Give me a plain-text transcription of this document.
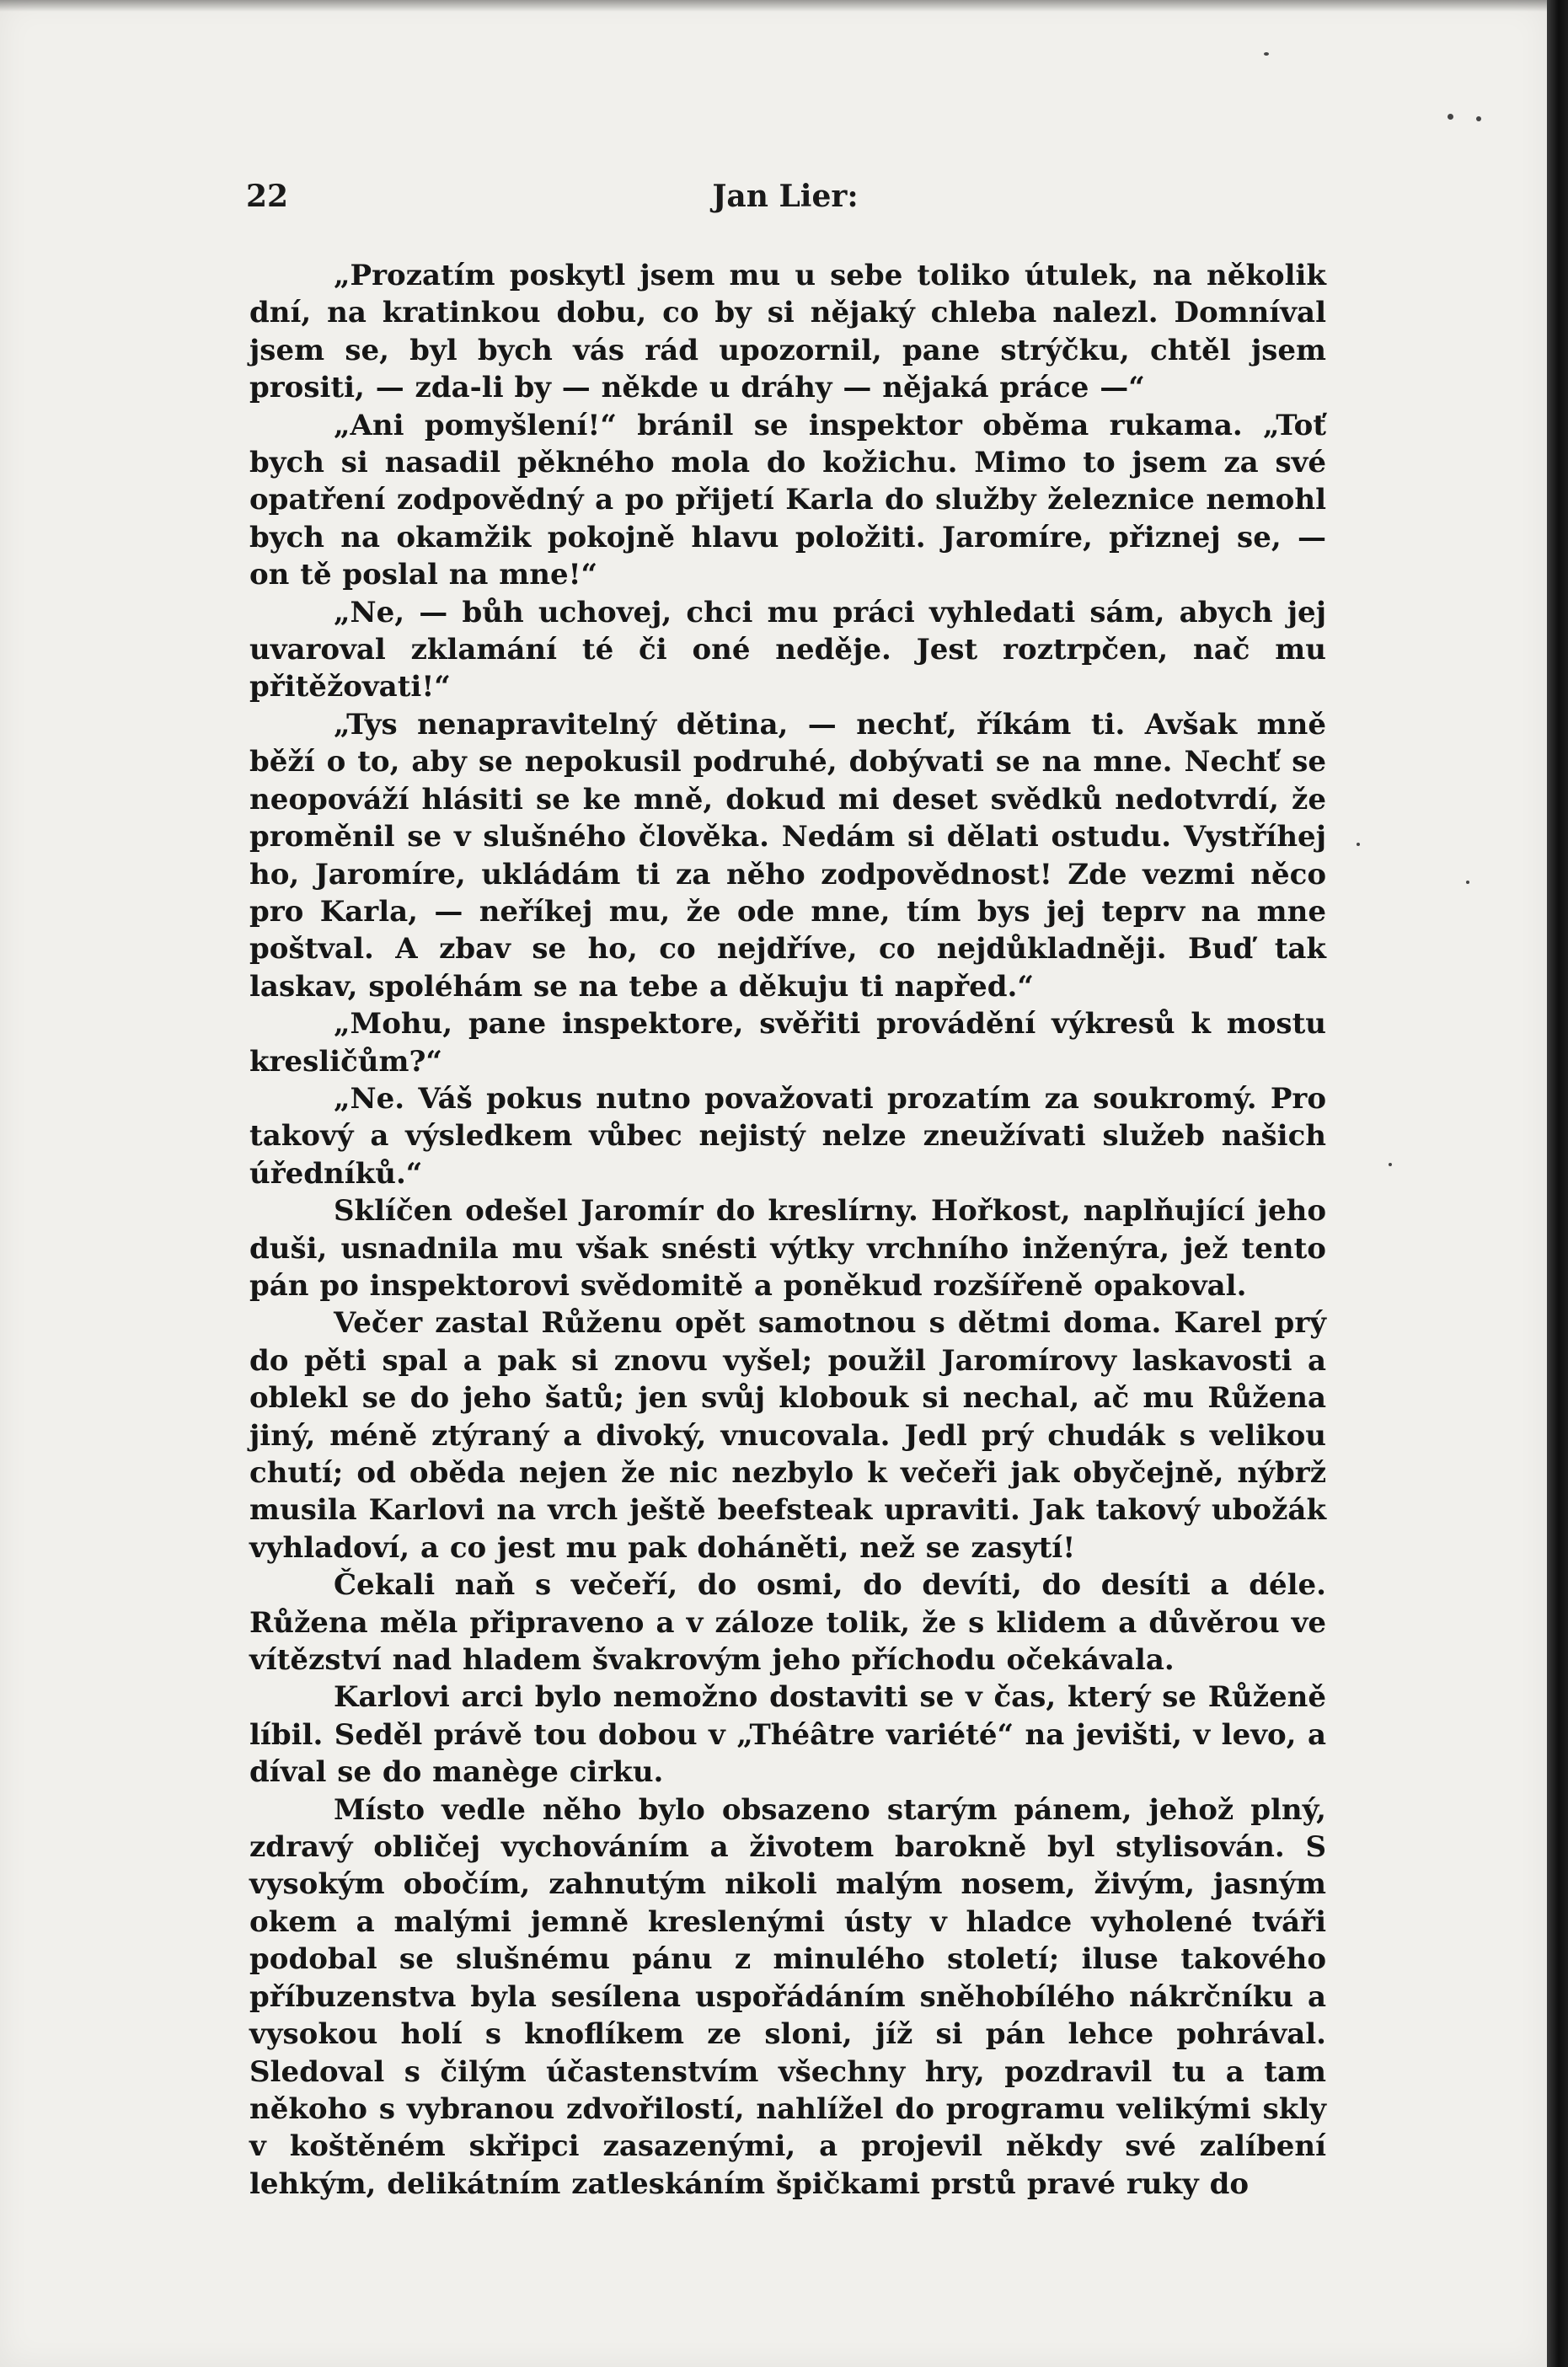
22	Jan Lier:

„Prozatím poskytl jsem mu u sebe toliko útulek, na několik dní, na kratinkou dobu, co by si nějaký chleba nalezl. Domníval jsem se, byl bych vás rád upozornil, pane strýčku, chtěl jsem prositi, — zda-li by — někde u dráhy — nějaká práce —“

„Ani pomyšlení!“ bránil se inspektor oběma rukama. „Toť bych si nasadil pěkného mola do kožichu. Mimo to jsem za své opatření zodpovědný a po přijetí Karla do služby železnice nemohl bych na okamžik pokojně hlavu položiti. Jaromíre, přiznej se, — on tě poslal na mne!“

„Ne, — bůh uchovej, chci mu práci vyhledati sám, abych jej uvaroval zklamání té či oné neděje. Jest roztrpčen, nač mu přitěžovati!“

„Tys nenapravitelný dětina, — nechť, říkám ti. Avšak mně běží o to, aby se nepokusil podruhé, dobývati se na mne. Nechť se neopováží hlásiti se ke mně, dokud mi deset svědků nedotvrdí, že proměnil se v slušného člověka. Nedám si dělati ostudu. Vystříhej ho, Jaromíre, ukládám ti za něho zodpovědnost! Zde vezmi něco pro Karla, — neříkej mu, že ode mne, tím bys jej teprv na mne poštval. A zbav se ho, co nejdříve, co nejdůkladněji. Buď tak laskav, spoléhám se na tebe a děkuju ti napřed.“

„Mohu, pane inspektore, svěřiti provádění výkresů k mostu kresličům?“

„Ne. Váš pokus nutno považovati prozatím za soukromý. Pro takový a výsledkem vůbec nejistý nelze zneužívati služeb našich úředníků.“

Sklíčen odešel Jaromír do kreslírny. Hořkost, naplňující jeho duši, usnadnila mu však snésti výtky vrchního inženýra, jež tento pán po inspektorovi svědomitě a poněkud rozšířeně opakoval.

Večer zastal Růženu opět samotnou s dětmi doma. Karel prý do pěti spal a pak si znovu vyšel; použil Jaromírovy laskavosti a oblekl se do jeho šatů; jen svůj klobouk si nechal, ač mu Růžena jiný, méně ztýraný a divoký, vnucovala. Jedl prý chudák s velikou chutí; od oběda nejen že nic nezbylo k večeři jak obyčejně, nýbrž musila Karlovi na vrch ještě beefsteak upraviti. Jak takový ubožák vyhladoví, a co jest mu pak doháněti, než se zasytí!

Čekali naň s večeří, do osmi, do devíti, do desíti a déle. Růžena měla připraveno a v záloze tolik, že s klidem a důvěrou ve vítězství nad hladem švakrovým jeho příchodu očekávala.

Karlovi arci bylo nemožno dostaviti se v čas, který se Růženě líbil. Seděl právě tou dobou v „Théâtre variété“ na jevišti, v levo, a díval se do manège cirku.

Místo vedle něho bylo obsazeno starým pánem, jehož plný, zdravý obličej vychováním a životem barokně byl stylisován. S vysokým obočím, zahnutým nikoli malým nosem, živým, jasným okem a malými jemně kreslenými ústy v hladce vyholené tváři podobal se slušnému pánu z minulého století; iluse takového příbuzenstva byla sesílena uspořádáním sněhobílého nákrčníku a vysokou holí s knoflíkem ze sloni, jíž si pán lehce pohrával. Sledoval s čilým účastenstvím všechny hry, pozdravil tu a tam někoho s vybranou zdvořilostí, nahlížel do programu velikými skly v koštěném skřipci zasazenými, a projevil někdy své zalíbení lehkým, delikátním zatleskáním špičkami prstů pravé ruky do
